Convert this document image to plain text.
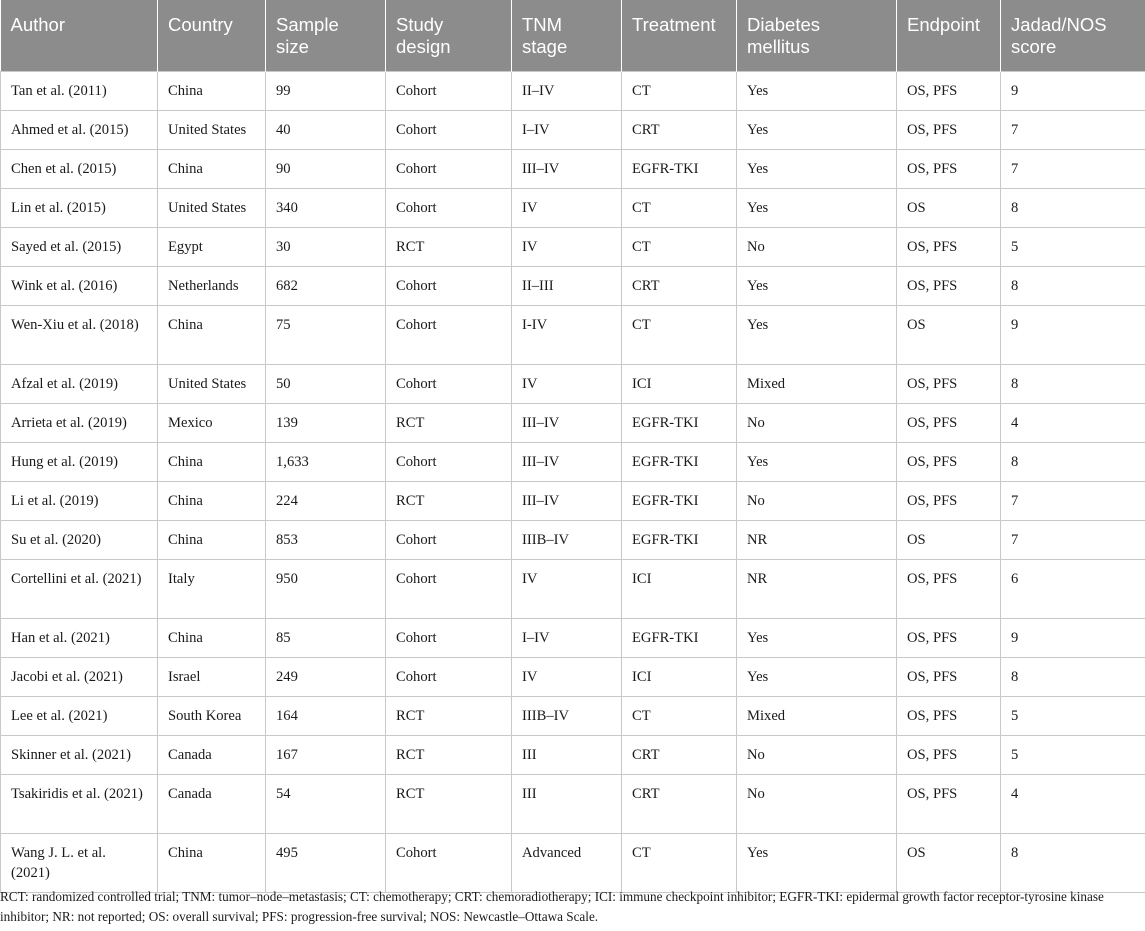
Author	Country	Sample size	Study design	TNM stage	Treatment	Diabetes mellitus	Endpoint	Jadad/NOS score
Tan et al. (2011)	China	99	Cohort	II–IV	CT	Yes	OS, PFS	9
Ahmed et al. (2015)	United States	40	Cohort	I–IV	CRT	Yes	OS, PFS	7
Chen et al. (2015)	China	90	Cohort	III–IV	EGFR-TKI	Yes	OS, PFS	7
Lin et al. (2015)	United States	340	Cohort	IV	CT	Yes	OS	8
Sayed et al. (2015)	Egypt	30	RCT	IV	CT	No	OS, PFS	5
Wink et al. (2016)	Netherlands	682	Cohort	II–III	CRT	Yes	OS, PFS	8
Wen-Xiu et al. (2018)	China	75	Cohort	I-IV	CT	Yes	OS	9
Afzal et al. (2019)	United States	50	Cohort	IV	ICI	Mixed	OS, PFS	8
Arrieta et al. (2019)	Mexico	139	RCT	III–IV	EGFR-TKI	No	OS, PFS	4
Hung et al. (2019)	China	1,633	Cohort	III–IV	EGFR-TKI	Yes	OS, PFS	8
Li et al. (2019)	China	224	RCT	III–IV	EGFR-TKI	No	OS, PFS	7
Su et al. (2020)	China	853	Cohort	IIIB–IV	EGFR-TKI	NR	OS	7
Cortellini et al. (2021)	Italy	950	Cohort	IV	ICI	NR	OS, PFS	6
Han et al. (2021)	China	85	Cohort	I–IV	EGFR-TKI	Yes	OS, PFS	9
Jacobi et al. (2021)	Israel	249	Cohort	IV	ICI	Yes	OS, PFS	8
Lee et al. (2021)	South Korea	164	RCT	IIIB–IV	CT	Mixed	OS, PFS	5
Skinner et al. (2021)	Canada	167	RCT	III	CRT	No	OS, PFS	5
Tsakiridis et al. (2021)	Canada	54	RCT	III	CRT	No	OS, PFS	4
Wang J. L. et al. (2021)	China	495	Cohort	Advanced	CT	Yes	OS	8
RCT: randomized controlled trial; TNM: tumor–node–metastasis; CT: chemotherapy; CRT: chemoradiotherapy; ICI: immune checkpoint inhibitor; EGFR-TKI: epidermal growth factor receptor-tyrosine kinase inhibitor; NR: not reported; OS: overall survival; PFS: progression-free survival; NOS: Newcastle–Ottawa Scale.
